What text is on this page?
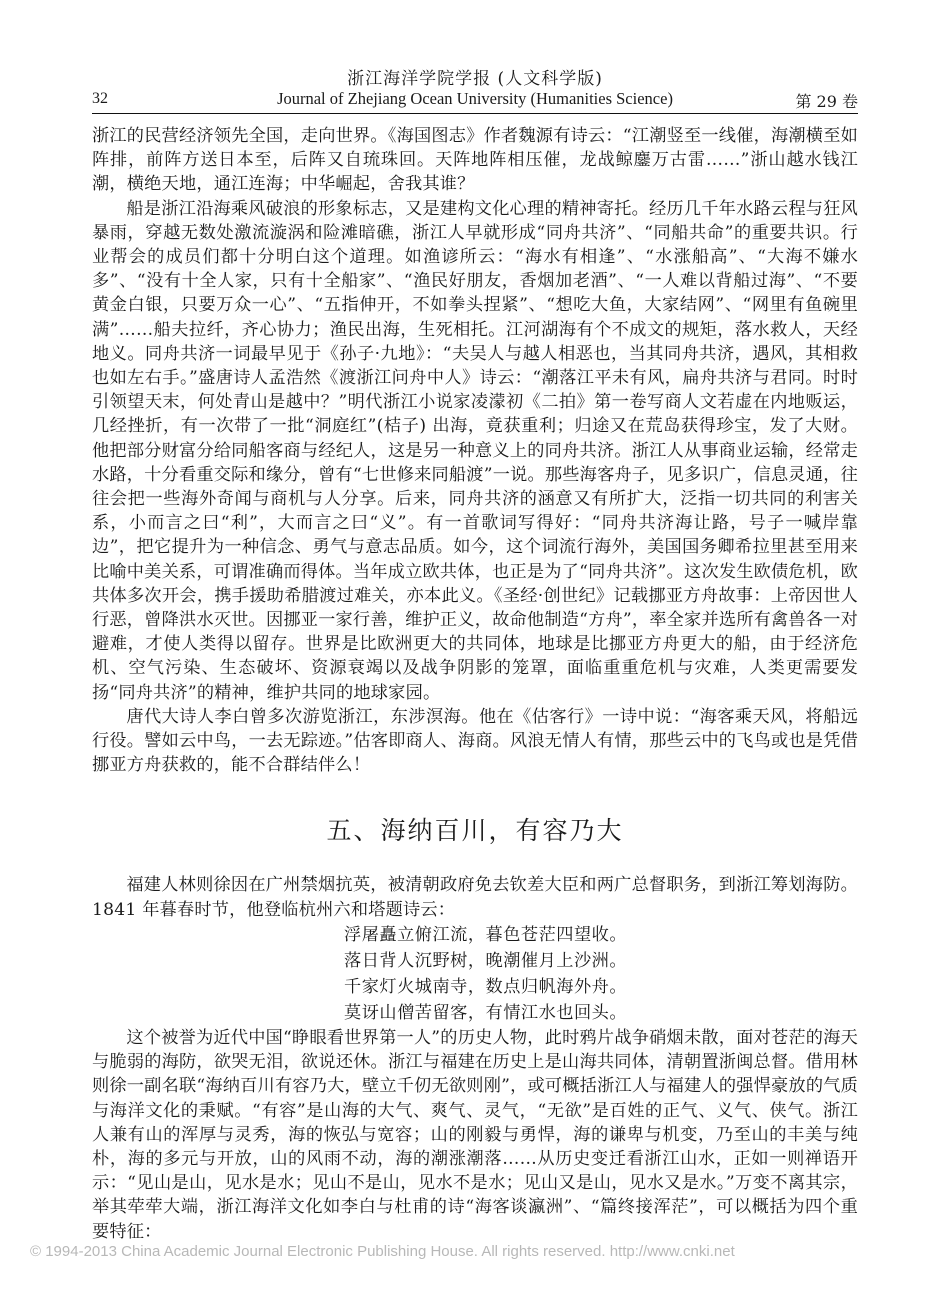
浙江海洋学院学报 (人文科学版)
32	Journal of Zhejiang Ocean University (Humanities Science)	第 29 卷

浙江的民营经济领先全国，走向世界。《海国图志》作者魏源有诗云：“江潮竖至一线催，海潮横至如阵排，前阵方送日本至，后阵又自琉珠回。天阵地阵相压催，龙战鲸鏖万古雷……”浙山越水钱江潮，横绝天地，通江连海；中华崛起，舍我其谁？

船是浙江沿海乘风破浪的形象标志，又是建构文化心理的精神寄托。经历几千年水路云程与狂风暴雨，穿越无数处激流漩涡和险滩暗礁，浙江人早就形成“同舟共济”、“同船共命”的重要共识。行业帮会的成员们都十分明白这个道理。如渔谚所云：“海水有相逢”、“水涨船高”、“大海不嫌水多”、“没有十全人家，只有十全船家”、“渔民好朋友，香烟加老酒”、“一人难以背船过海”、“不要黄金白银，只要万众一心”、“五指伸开，不如拳头捏紧”、“想吃大鱼，大家结网”、“网里有鱼碗里满”……船夫拉纤，齐心协力；渔民出海，生死相托。江河湖海有个不成文的规矩，落水救人，天经地义。同舟共济一词最早见于《孙子·九地》：“夫吴人与越人相恶也，当其同舟共济，遇风，其相救也如左右手。”盛唐诗人孟浩然《渡浙江问舟中人》诗云：“潮落江平未有风，扁舟共济与君同。时时引领望天末，何处青山是越中？”明代浙江小说家凌濛初《二拍》第一卷写商人文若虚在内地贩运，几经挫折，有一次带了一批“洞庭红”(桔子) 出海，竟获重利；归途又在荒岛获得珍宝，发了大财。他把部分财富分给同船客商与经纪人，这是另一种意义上的同舟共济。浙江人从事商业运输，经常走水路，十分看重交际和缘分，曾有“七世修来同船渡”一说。那些海客舟子，见多识广，信息灵通，往往会把一些海外奇闻与商机与人分享。后来，同舟共济的涵意又有所扩大，泛指一切共同的利害关系，小而言之曰“利”，大而言之曰“义”。有一首歌词写得好：“同舟共济海让路，号子一喊岸靠边”，把它提升为一种信念、勇气与意志品质。如今，这个词流行海外，美国国务卿希拉里甚至用来比喻中美关系，可谓准确而得体。当年成立欧共体，也正是为了“同舟共济”。这次发生欧债危机，欧共体多次开会，携手援助希腊渡过难关，亦本此义。《圣经·创世纪》记载挪亚方舟故事：上帝因世人行恶，曾降洪水灭世。因挪亚一家行善，维护正义，故命他制造“方舟”，率全家并选所有禽兽各一对避难，才使人类得以留存。世界是比欧洲更大的共同体，地球是比挪亚方舟更大的船，由于经济危机、空气污染、生态破坏、资源衰竭以及战争阴影的笼罩，面临重重危机与灾难，人类更需要发扬“同舟共济”的精神，维护共同的地球家园。

唐代大诗人李白曾多次游览浙江，东涉溟海。他在《估客行》一诗中说：“海客乘天风，将船远行役。譬如云中鸟，一去无踪迹。”估客即商人、海商。风浪无情人有情，那些云中的飞鸟或也是凭借挪亚方舟获救的，能不合群结伴么！

五、海纳百川，有容乃大

福建人林则徐因在广州禁烟抗英，被清朝政府免去钦差大臣和两广总督职务，到浙江筹划海防。1841 年暮春时节，他登临杭州六和塔题诗云：

浮屠矗立俯江流，暮色苍茫四望收。
落日背人沉野树，晚潮催月上沙洲。
千家灯火城南寺，数点归帆海外舟。
莫讶山僧苦留客，有情江水也回头。

这个被誉为近代中国“睁眼看世界第一人”的历史人物，此时鸦片战争硝烟未散，面对苍茫的海天与脆弱的海防，欲哭无泪，欲说还休。浙江与福建在历史上是山海共同体，清朝置浙闽总督。借用林则徐一副名联“海纳百川有容乃大，壁立千仞无欲则刚”，或可概括浙江人与福建人的强悍豪放的气质与海洋文化的秉赋。“有容”是山海的大气、爽气、灵气，“无欲”是百姓的正气、义气、侠气。浙江人兼有山的浑厚与灵秀，海的恢弘与宽容；山的刚毅与勇悍，海的谦卑与机变，乃至山的丰美与纯朴，海的多元与开放，山的风雨不动，海的潮涨潮落……从历史变迁看浙江山水，正如一则禅语开示：“见山是山，见水是水；见山不是山，见水不是水；见山又是山，见水又是水。”万变不离其宗，举其荦荦大端，浙江海洋文化如李白与杜甫的诗“海客谈瀛洲”、“篇终接浑茫”，可以概括为四个重要特征：

© 1994-2013 China Academic Journal Electronic Publishing House. All rights reserved. http://www.cnki.net
